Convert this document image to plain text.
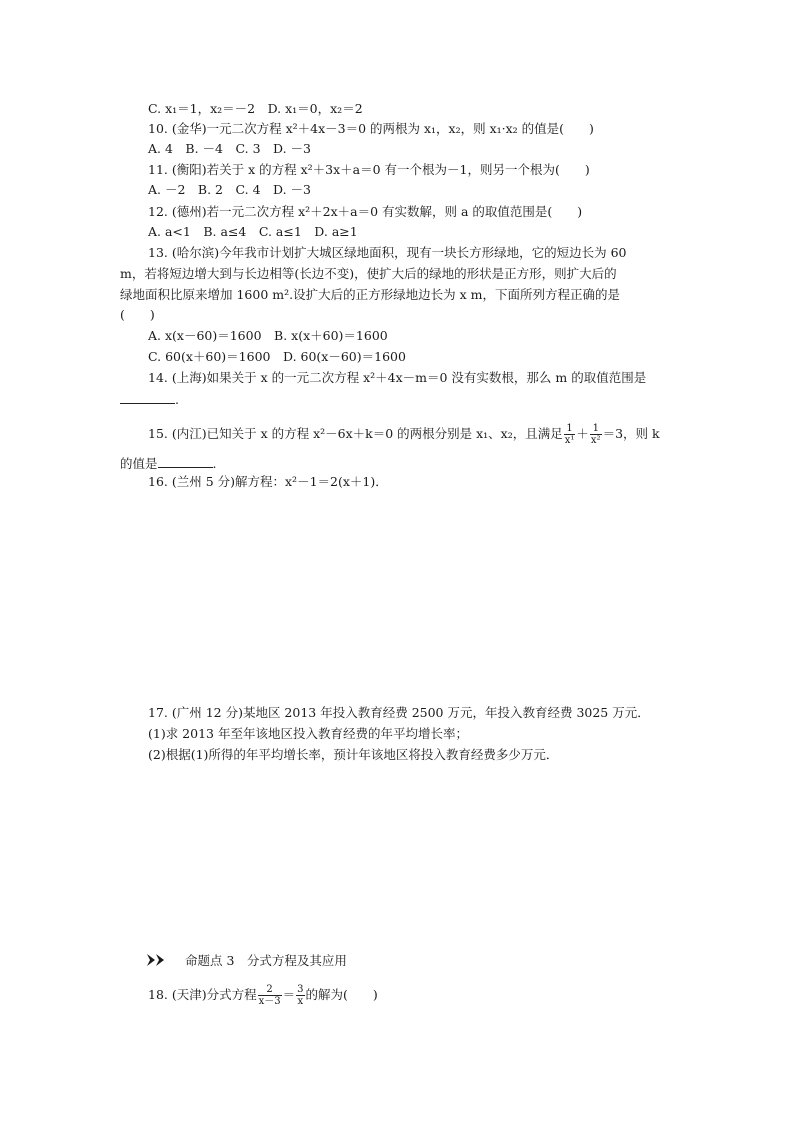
C. x₁＝1，x₂＝－2　D. x₁＝0，x₂＝2
10. (金华)一元二次方程 x²＋4x－3＝0 的两根为 x₁，x₂，则 x₁·x₂ 的值是(　　)
A. 4　B. －4　C. 3　D. －3
11. (衡阳)若关于 x 的方程 x²＋3x＋a＝0 有一个根为－1，则另一个根为(　　)
A. －2　B. 2　C. 4　D. －3
12. (德州)若一元二次方程 x²＋2x＋a＝0 有实数解，则 a 的取值范围是(　　)
A. a<1　B. a≤4　C. a≤1　D. a≥1
13. (哈尔滨)今年我市计划扩大城区绿地面积，现有一块长方形绿地，它的短边长为 60
m，若将短边增大到与长边相等(长边不变)，使扩大后的绿地的形状是正方形，则扩大后的
绿地面积比原来增加 1600 m².设扩大后的正方形绿地边长为 x m，下面所列方程正确的是
(　　)
A. x(x－60)＝1600　B. x(x＋60)＝1600
C. 60(x＋60)＝1600　D. 60(x－60)＝1600
14. (上海)如果关于 x 的一元二次方程 x²＋4x－m＝0 没有实数根，那么 m 的取值范围是
.
15. (内江)已知关于 x 的方程 x²－6x＋k＝0 的两根分别是 x₁、x₂，且满足 $\frac{1}{\text{x¹}} + \frac{1}{\text{x²}} =3$，则 k
的值是	.
16. (兰州 5 分)解方程：x²－1＝2(x＋1)．
17. (广州 12 分)某地区 2013 年投入教育经费 2500 万元，年投入教育经费 3025 万元．
(1)求 2013 年至年该地区投入教育经费的年平均增长率；
(2)根据(1)所得的年平均增长率，预计年该地区将投入教育经费多少万元．
命题点 3　分式方程及其应用
18. (天津)分式方程 $\frac{2}{x-3} = \frac{3}{x}$ 的解为(　　)
